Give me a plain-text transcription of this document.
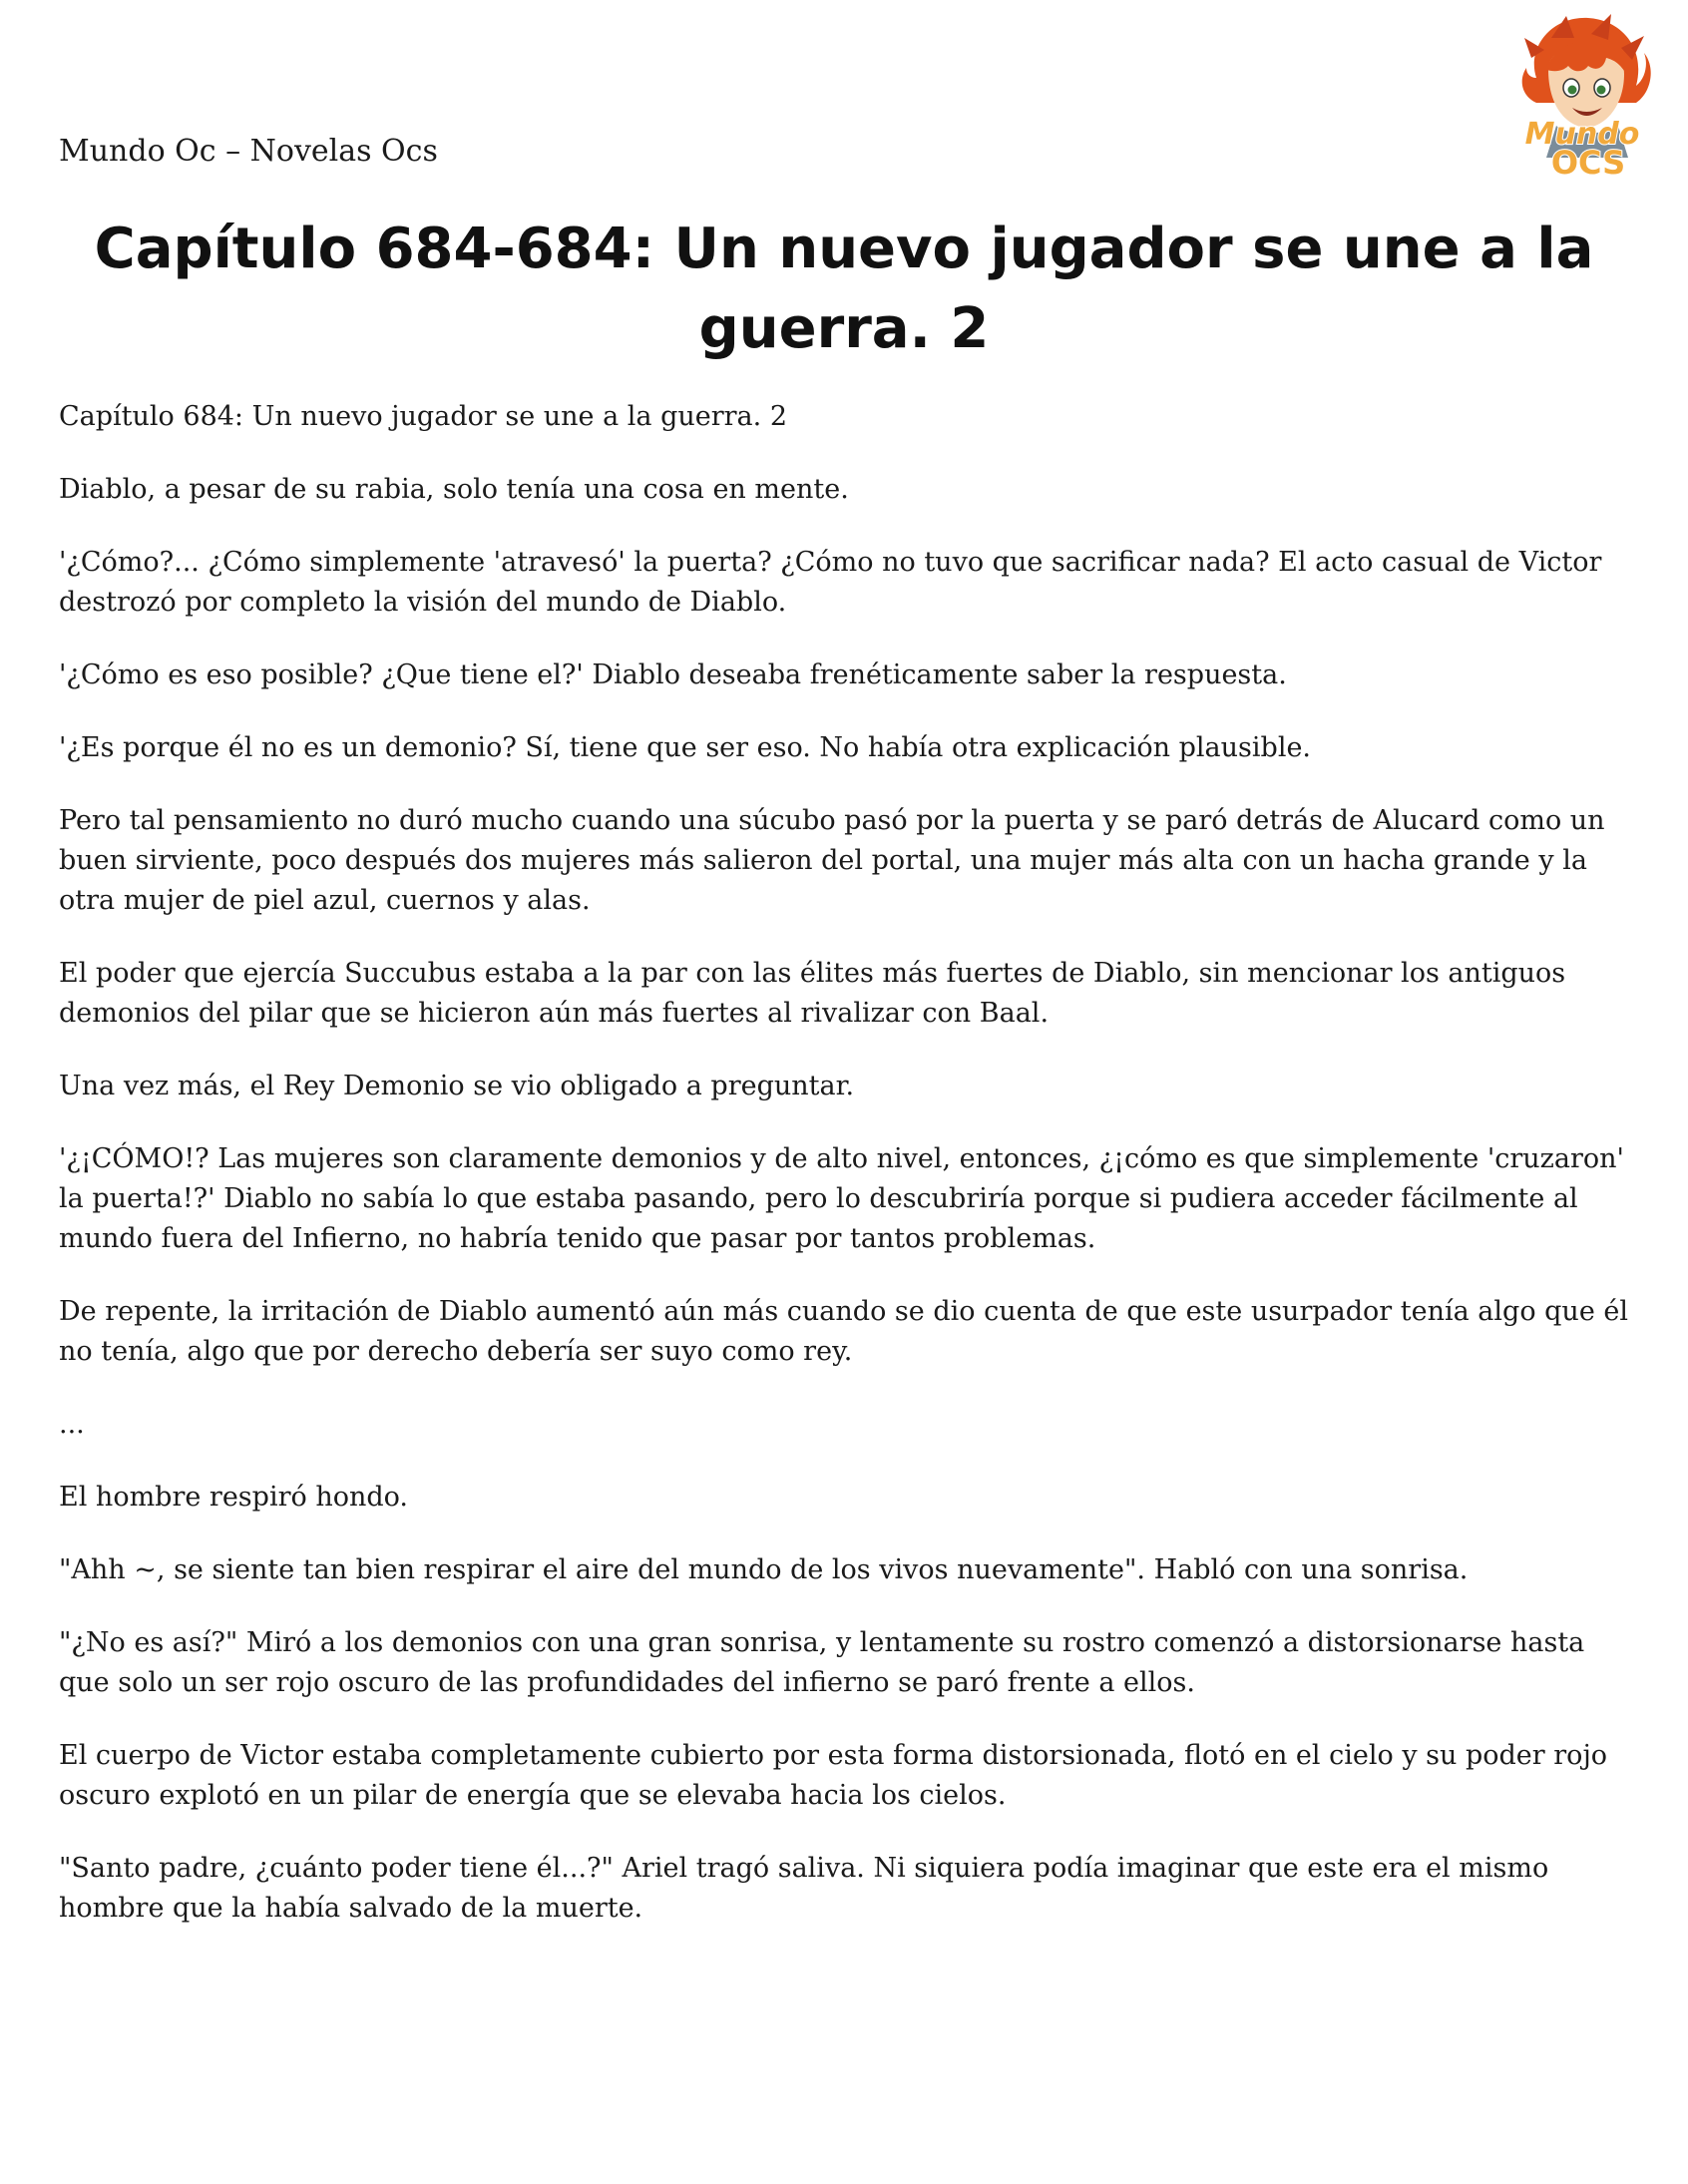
Mundo Oc – Novelas Ocs	Mundo
OCS
Capítulo 684-684: Un nuevo jugador se une a la guerra. 2

Capítulo 684: Un nuevo jugador se une a la guerra. 2

Diablo, a pesar de su rabia, solo tenía una cosa en mente.

'¿Cómo?... ¿Cómo simplemente 'atravesó' la puerta? ¿Cómo no tuvo que sacrificar nada? El acto casual de Victor destrozó por completo la visión del mundo de Diablo.

'¿Cómo es eso posible? ¿Que tiene el?' Diablo deseaba frenéticamente saber la respuesta.

'¿Es porque él no es un demonio? Sí, tiene que ser eso. No había otra explicación plausible.

Pero tal pensamiento no duró mucho cuando una súcubo pasó por la puerta y se paró detrás de Alucard como un buen sirviente, poco después dos mujeres más salieron del portal, una mujer más alta con un hacha grande y la otra mujer de piel azul, cuernos y alas.

El poder que ejercía Succubus estaba a la par con las élites más fuertes de Diablo, sin mencionar los antiguos demonios del pilar que se hicieron aún más fuertes al rivalizar con Baal.

Una vez más, el Rey Demonio se vio obligado a preguntar.

'¿¡CÓMO!? Las mujeres son claramente demonios y de alto nivel, entonces, ¿¡cómo es que simplemente 'cruzaron' la puerta!?' Diablo no sabía lo que estaba pasando, pero lo descubriría porque si pudiera acceder fácilmente al mundo fuera del Infierno, no habría tenido que pasar por tantos problemas.

De repente, la irritación de Diablo aumentó aún más cuando se dio cuenta de que este usurpador tenía algo que él no tenía, algo que por derecho debería ser suyo como rey.

...

El hombre respiró hondo.

"Ahh ~, se siente tan bien respirar el aire del mundo de los vivos nuevamente". Habló con una sonrisa.

"¿No es así?" Miró a los demonios con una gran sonrisa, y lentamente su rostro comenzó a distorsionarse hasta que solo un ser rojo oscuro de las profundidades del infierno se paró frente a ellos.

El cuerpo de Victor estaba completamente cubierto por esta forma distorsionada, flotó en el cielo y su poder rojo oscuro explotó en un pilar de energía que se elevaba hacia los cielos.

"Santo padre, ¿cuánto poder tiene él...?" Ariel tragó saliva. Ni siquiera podía imaginar que este era el mismo hombre que la había salvado de la muerte.
